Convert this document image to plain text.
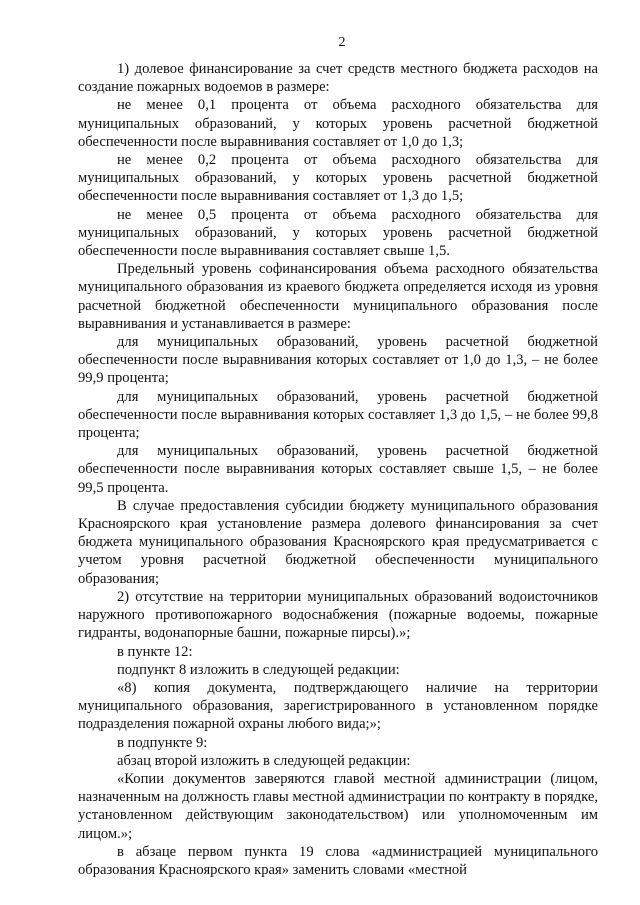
2

1) долевое финансирование за счет средств местного бюджета расходов на создание пожарных водоемов в размере:

не менее 0,1 процента от объема расходного обязательства для муниципальных образований, у которых уровень расчетной бюджетной обеспеченности после выравнивания составляет от 1,0 до 1,3;

не менее 0,2 процента от объема расходного обязательства для муниципальных образований, у которых уровень расчетной бюджетной обеспеченности после выравнивания составляет от 1,3 до 1,5;

не менее 0,5 процента от объема расходного обязательства для муниципальных образований, у которых уровень расчетной бюджетной обеспеченности после выравнивания составляет свыше 1,5.

Предельный уровень софинансирования объема расходного обязательства муниципального образования из краевого бюджета определяется исходя из уровня расчетной бюджетной обеспеченности муниципального образования после выравнивания и устанавливается в размере:

для муниципальных образований, уровень расчетной бюджетной обеспеченности после выравнивания которых составляет от 1,0 до 1,3, – не более 99,9 процента;

для муниципальных образований, уровень расчетной бюджетной обеспеченности после выравнивания которых составляет 1,3 до 1,5, – не более 99,8 процента;

для муниципальных образований, уровень расчетной бюджетной обеспеченности после выравнивания которых составляет свыше 1,5, – не более 99,5 процента.

В случае предоставления субсидии бюджету муниципального образования Красноярского края установление размера долевого финансирования за счет бюджета муниципального образования Красноярского края предусматривается с учетом уровня расчетной бюджетной обеспеченности муниципального образования;

2) отсутствие на территории муниципальных образований водоисточников наружного противопожарного водоснабжения (пожарные водоемы, пожарные гидранты, водонапорные башни, пожарные пирсы).»;

в пункте 12:

подпункт 8 изложить в следующей редакции:

«8) копия документа, подтверждающего наличие на территории муниципального образования, зарегистрированного в установленном порядке подразделения пожарной охраны любого вида;»;

в подпункте 9:

абзац второй изложить в следующей редакции:

«Копии документов заверяются главой местной администрации (лицом, назначенным на должность главы местной администрации по контракту в порядке, установленном действующим законодательством) или уполномоченным им лицом.»;

в абзаце первом пункта 19 слова «администрацией муниципального образования Красноярского края» заменить словами «местной
